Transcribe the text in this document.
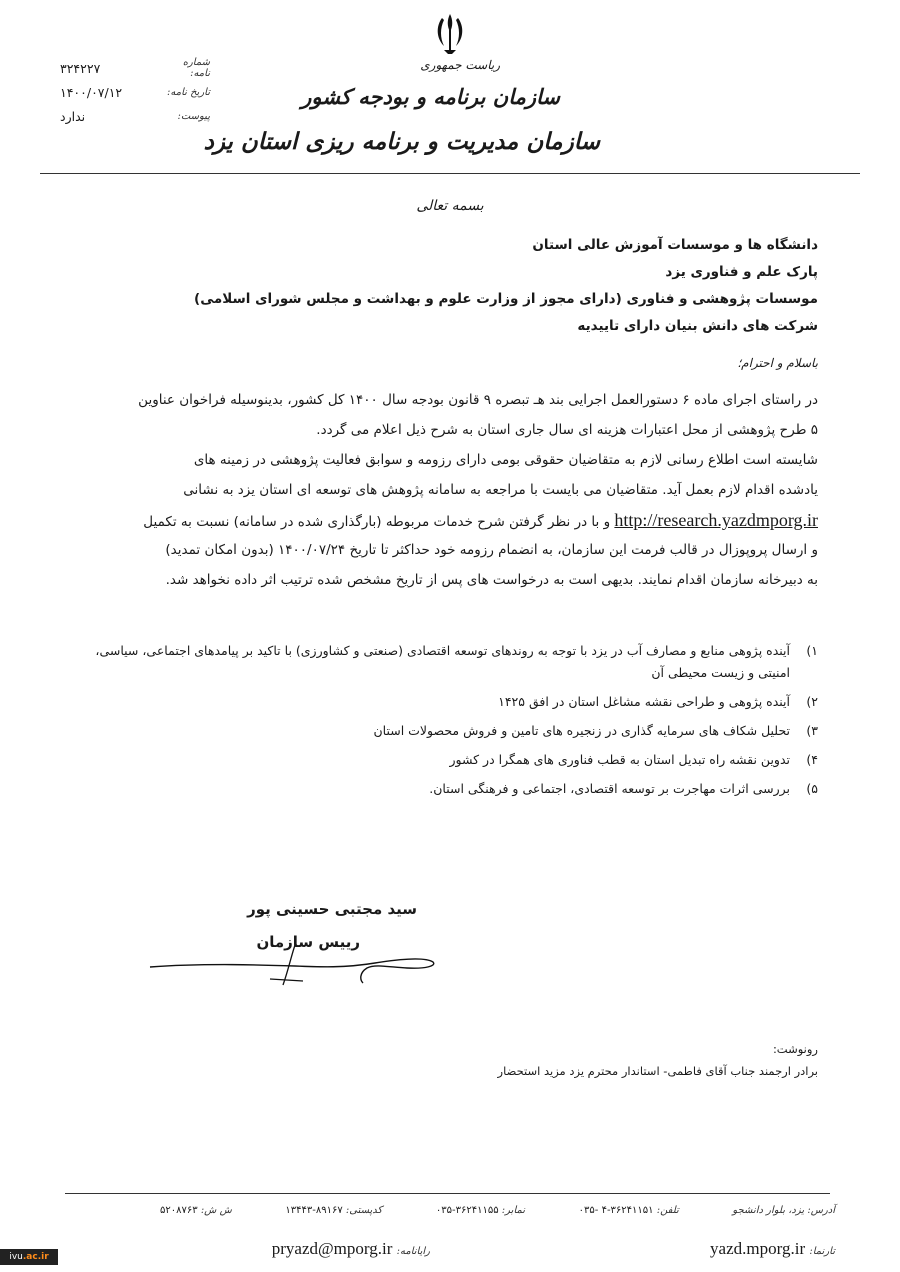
شماره نامه:
۳۲۴۲۲۷
تاریخ نامه:
۱۴۰۰/۰۷/۱۲
پیوست:
ندارد
ریاست جمهوری
سازمان برنامه و بودجه کشور
سازمان مدیریت و برنامه ریزی استان یزد
بسمه تعالی
دانشگاه ها و موسسات آموزش عالی استان
پارک علم و فناوری یزد
موسسات پژوهشی و فناوری (دارای مجوز از وزارت علوم و بهداشت و مجلس شورای اسلامی)
شرکت های دانش بنیان دارای تاییدیه
باسلام و احترام؛
در راستای اجرای ماده ۶ دستورالعمل اجرایی بند هـ تبصره ۹ قانون بودجه سال ۱۴۰۰ کل کشور، بدینوسیله فراخوان عناوین
۵ طرح پژوهشی از محل اعتبارات هزینه ای سال جاری استان به شرح ذیل اعلام می گردد.
شایسته است اطلاع رسانی لازم به متقاضیان حقوقی بومی دارای رزومه و سوابق فعالیت پژوهشی در زمینه های
یادشده اقدام لازم بعمل آید. متقاضیان می بایست با مراجعه به سامانه پژوهش های توسعه ای استان یزد به نشانی
http://research.yazdmporg.ir و با در نظر گرفتن شرح خدمات مربوطه (بارگذاری شده در سامانه) نسبت به تکمیل
و ارسال پروپوزال در قالب فرمت این سازمان، به انضمام رزومه خود حداکثر تا تاریخ ۱۴۰۰/۰۷/۲۴ (بدون امکان تمدید)
به دبیرخانه سازمان اقدام نمایند. بدیهی است به درخواست های پس از تاریخ مشخص شده ترتیب اثر داده نخواهد شد.
۱)
آینده پژوهی منابع و مصارف آب در یزد با توجه به روندهای توسعه اقتصادی (صنعتی و کشاورزی) با تاکید بر پیامدهای اجتماعی، سیاسی، امنیتی و زیست محیطی آن
۲)
آینده پژوهی و طراحی نقشه مشاغل استان در افق ۱۴۲۵
۳)
تحلیل شکاف های سرمایه گذاری در زنجیره های تامین و فروش محصولات استان
۴)
تدوین نقشه راه تبدیل استان به قطب فناوری های همگرا در کشور
۵)
بررسی اثرات مهاجرت بر توسعه اقتصادی، اجتماعی و فرهنگی استان.
سید مجتبی حسینی پور
رییس سازمان
رونوشت:
برادر ارجمند جناب آقای فاطمی- استاندار محترم یزد مزید استحضار
آدرس: یزد، بلوار دانشجو
تلفن: ۳۶۲۴۱۱۵۱-۴ -۰۳۵
نمابر: ۳۶۲۴۱۱۵۵-۰۳۵
کدپستی: ۸۹۱۶۷-۱۳۴۴۳
ش ش: ۵۲۰۸۷۶۳
تارنما: yazd.mporg.ir
رایانامه: pryazd@mporg.ir
ivu .ac.ir
